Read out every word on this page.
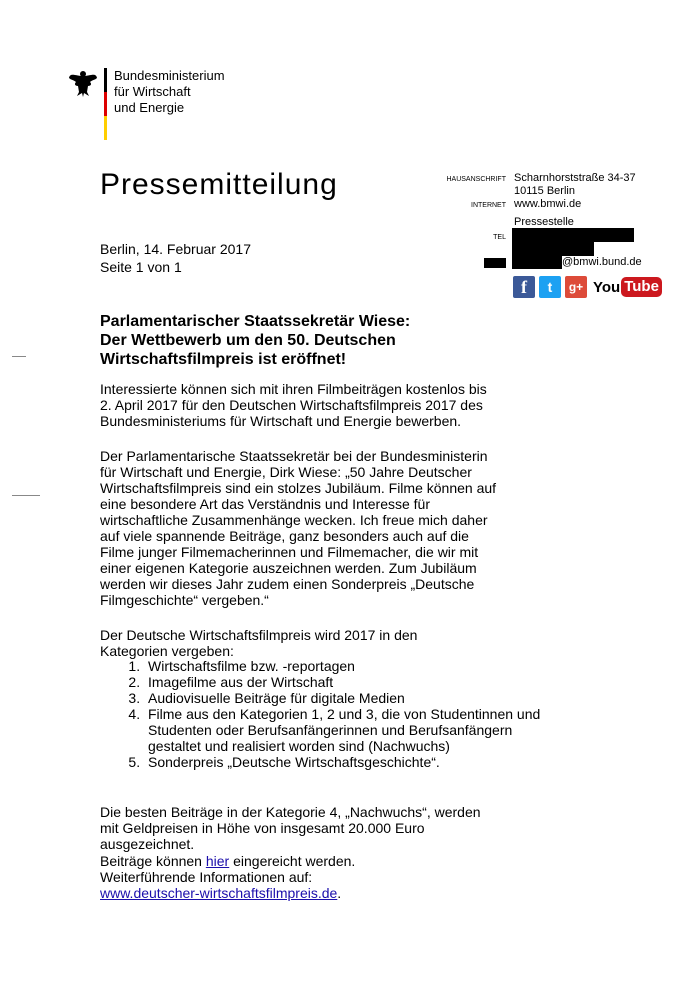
Bundesministerium
für Wirtschaft
und Energie
Pressemitteilung	HAUSANSCHRIFT Scharnhorststraße 34-37
10115 Berlin
INTERNET www.bmwi.de
Pressestelle
TEL
@bmwi.bund.de
f	t	g+ You Tube
Berlin, 14. Februar 2017
Seite 1 von 1
Parlamentarischer Staatssekretär Wiese: Der Wettbewerb um den 50. Deutschen Wirtschaftsfilmpreis ist eröffnet!
Interessierte können sich mit ihren Filmbeiträgen kostenlos bis 2. April 2017 für den Deutschen Wirtschaftsfilmpreis 2017 des Bundesministeriums für Wirtschaft und Energie bewerben.
Der Parlamentarische Staatssekretär bei der Bundesministerin für Wirtschaft und Energie, Dirk Wiese: „50 Jahre Deutscher Wirtschaftsfilmpreis sind ein stolzes Jubiläum. Filme können auf eine besondere Art das Verständnis und Interesse für wirtschaftliche Zusammenhänge wecken. Ich freue mich daher auf viele spannende Beiträge, ganz besonders auch auf die Filme junger Filmemacherinnen und Filmemacher, die wir mit einer eigenen Kategorie auszeichnen werden. Zum Jubiläum werden wir dieses Jahr zudem einen Sonderpreis „Deutsche Filmgeschichte“ vergeben.“
Der Deutsche Wirtschaftsfilmpreis wird 2017 in den Kategorien vergeben:
1. Wirtschaftsfilme bzw. -reportagen
2. Imagefilme aus der Wirtschaft
3. Audiovisuelle Beiträge für digitale Medien
4. Filme aus den Kategorien 1, 2 und 3, die von Studentinnen und Studenten oder Berufsanfängerinnen und Berufsanfängern gestaltet und realisiert worden sind (Nachwuchs)
5. Sonderpreis „Deutsche Wirtschaftsgeschichte“.
Die besten Beiträge in der Kategorie 4, „Nachwuchs“, werden mit Geldpreisen in Höhe von insgesamt 20.000 Euro ausgezeichnet.
Beiträge können hier eingereicht werden.
Weiterführende Informationen auf:
www.deutscher-wirtschaftsfilmpreis.de.
